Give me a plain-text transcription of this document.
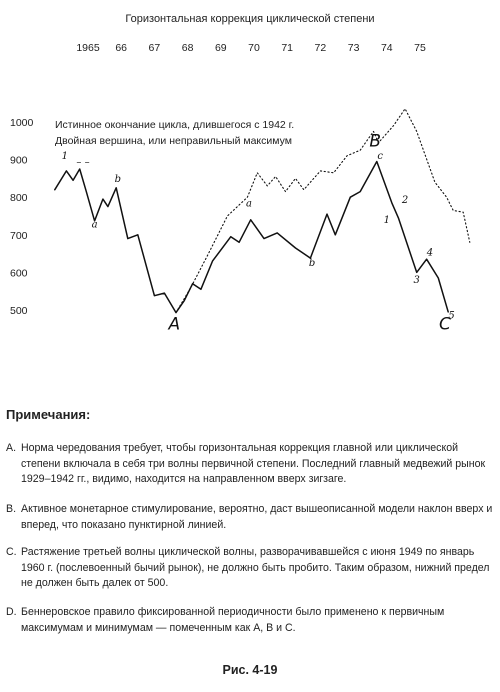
Горизонтальная коррекция циклической степени
1965 66 67 68 69 70 71 72 73 74 75
1000
900
800
700
600
500
Истинное окончание цикла, длившегося с 1942 г.
Двойная вершина, или неправильный максимум
1
– –
a
b
A
a
b
B
c
1
2
3
4
5
C
Примечания:
A. Норма чередования требует, чтобы горизонтальная коррекция главной или циклической степени включала в себя три волны первичной степени. Последний главный медвежий рынок 1929–1942 гг., видимо, находится на направленном вверх зигзаге.
B. Активное монетарное стимулирование, вероятно, даст вышеописанной модели наклон вверх и вперед, что показано пунктирной линией.
C. Растяжение третьей волны циклической волны, разворачивавшейся с июня 1949 по январь 1960 г. (послевоенный бычий рынок), не должно быть пробито. Таким образом, нижний предел не должен быть далек от 500.
D. Беннеровское правило фиксированной периодичности было применено к первичным максимумам и минимумам — помеченным как A, B и C.
Рис. 4-19
